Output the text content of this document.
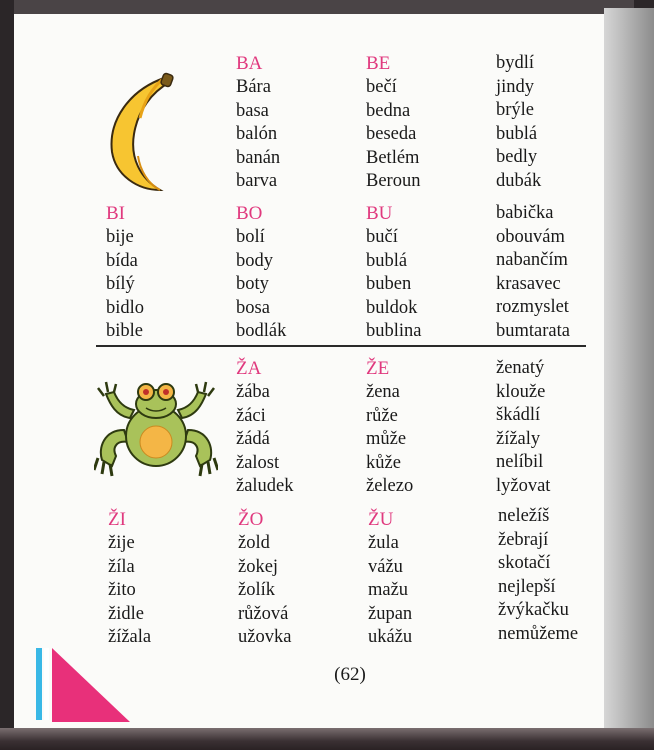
BA
Bára
basa
balón
banán
barva
BE
bečí
bedna
beseda
Betlém
Beroun
bydlí
jindy
brýle
bublá
bedly
dubák
BI
bije
bída
bílý
bidlo
bible
BO
bolí
body
boty
bosa
bodlák
BU
bučí
bublá
buben
buldok
bublina
babička
obouvám
nabančím
krasavec
rozmyslet
bumtarata
ŽA
žába
žáci
žádá
žalost
žaludek
ŽE
žena
růže
může
kůže
železo
ženatý
klouže
škádlí
žížaly
nelíbil
lyžovat
ŽI
žije
žíla
žito
židle
žížala
ŽO
žold
žokej
žolík
růžová
užovka
ŽU
žula
vážu
mažu
župan
ukážu
neležíš
žebrají
skotačí
nejlepší
žvýkačku
nemůžeme
(62)
